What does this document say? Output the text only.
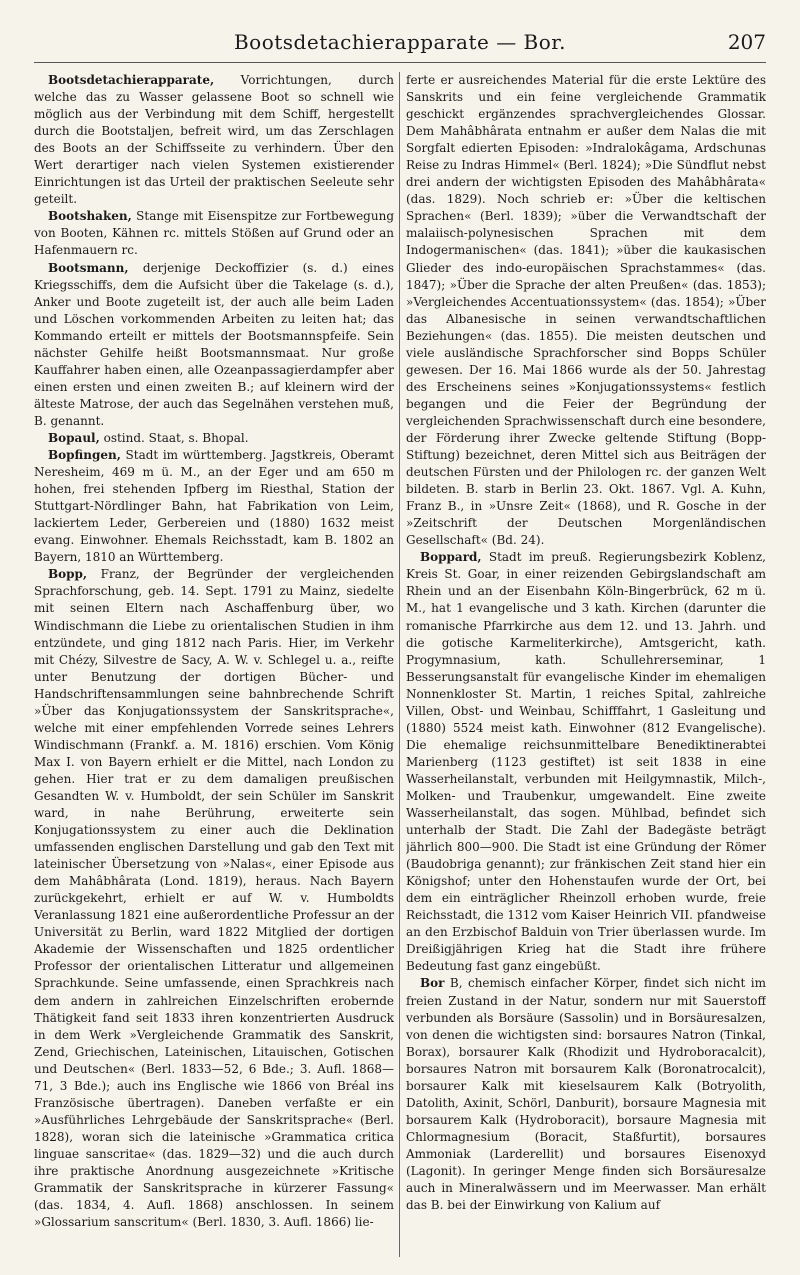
Bootsdetachierapparate — Bor.	207

Bootsdetachierapparate, Vorrichtungen, durch welche das zu Wasser gelassene Boot so schnell wie möglich aus der Verbindung mit dem Schiff, hergestellt durch die Bootstaljen, befreit wird, um das Zerschlagen des Boots an der Schiffsseite zu verhindern. Über den Wert derartiger nach vielen Systemen existierender Einrichtungen ist das Urteil der praktischen Seeleute sehr geteilt.

Bootshaken, Stange mit Eisenspitze zur Fortbewegung von Booten, Kähnen rc. mittels Stößen auf Grund oder an Hafenmauern rc.

Bootsmann, derjenige Deckoffizier (s. d.) eines Kriegsschiffs, dem die Aufsicht über die Takelage (s. d.), Anker und Boote zugeteilt ist, der auch alle beim Laden und Löschen vorkommenden Arbeiten zu leiten hat; das Kommando erteilt er mittels der Bootsmannspfeife. Sein nächster Gehilfe heißt Bootsmannsmaat. Nur große Kauffahrer haben einen, alle Ozeanpassagierdampfer aber einen ersten und einen zweiten B.; auf kleinern wird der älteste Matrose, der auch das Segelnähen verstehen muß, B. genannt.

Bopaul, ostind. Staat, s. Bhopal.

Bopfingen, Stadt im württemberg. Jagstkreis, Oberamt Neresheim, 469 m ü. M., an der Eger und am 650 m hohen, frei stehenden Ipfberg im Riesthal, Station der Stuttgart-Nördlinger Bahn, hat Fabrikation von Leim, lackiertem Leder, Gerbereien und (1880) 1632 meist evang. Einwohner. Ehemals Reichsstadt, kam B. 1802 an Bayern, 1810 an Württemberg.

Bopp, Franz, der Begründer der vergleichenden Sprachforschung, geb. 14. Sept. 1791 zu Mainz, siedelte mit seinen Eltern nach Aschaffenburg über, wo Windischmann die Liebe zu orientalischen Studien in ihm entzündete, und ging 1812 nach Paris. Hier, im Verkehr mit Chézy, Silvestre de Sacy, A. W. v. Schlegel u. a., reifte unter Benutzung der dortigen Bücher- und Handschriftensammlungen seine bahnbrechende Schrift »Über das Konjugationssystem der Sanskritsprache«, welche mit einer empfehlenden Vorrede seines Lehrers Windischmann (Frankf. a. M. 1816) erschien. Vom König Max I. von Bayern erhielt er die Mittel, nach London zu gehen. Hier trat er zu dem damaligen preußischen Gesandten W. v. Humboldt, der sein Schüler im Sanskrit ward, in nahe Berührung, erweiterte sein Konjugationssystem zu einer auch die Deklination umfassenden englischen Darstellung und gab den Text mit lateinischer Übersetzung von »Nalas«, einer Episode aus dem Mahâbhârata (Lond. 1819), heraus. Nach Bayern zurückgekehrt, erhielt er auf W. v. Humboldts Veranlassung 1821 eine außerordentliche Professur an der Universität zu Berlin, ward 1822 Mitglied der dortigen Akademie der Wissenschaften und 1825 ordentlicher Professor der orientalischen Litteratur und allgemeinen Sprachkunde. Seine umfassende, einen Sprachkreis nach dem andern in zahlreichen Einzelschriften erobernde Thätigkeit fand seit 1833 ihren konzentrierten Ausdruck in dem Werk »Vergleichende Grammatik des Sanskrit, Zend, Griechischen, Lateinischen, Litauischen, Gotischen und Deutschen« (Berl. 1833—52, 6 Bde.; 3. Aufl. 1868—71, 3 Bde.); auch ins Englische wie 1866 von Bréal ins Französische übertragen). Daneben verfaßte er ein »Ausführliches Lehrgebäude der Sanskritsprache« (Berl. 1828), woran sich die lateinische »Grammatica critica linguae sanscritae« (das. 1829—32) und die auch durch ihre praktische Anordnung ausgezeichnete »Kritische Grammatik der Sanskritsprache in kürzerer Fassung« (das. 1834, 4. Aufl. 1868) anschlossen. In seinem »Glossarium sanscritum« (Berl. 1830, 3. Aufl. 1866) lie-

ferte er ausreichendes Material für die erste Lektüre des Sanskrits und ein feine vergleichende Grammatik geschickt ergänzendes sprachvergleichendes Glossar. Dem Mahâbhârata entnahm er außer dem Nalas die mit Sorgfalt edierten Episoden: »Indralokâgama, Ardschunas Reise zu Indras Himmel« (Berl. 1824); »Die Sündflut nebst drei andern der wichtigsten Episoden des Mahâbhârata« (das. 1829). Noch schrieb er: »Über die keltischen Sprachen« (Berl. 1839); »über die Verwandtschaft der malaiisch-polynesischen Sprachen mit dem Indogermanischen« (das. 1841); »über die kaukasischen Glieder des indo-europäischen Sprachstammes« (das. 1847); »Über die Sprache der alten Preußen« (das. 1853); »Vergleichendes Accentuationssystem« (das. 1854); »Über das Albanesische in seinen verwandtschaftlichen Beziehungen« (das. 1855). Die meisten deutschen und viele ausländische Sprachforscher sind Bopps Schüler gewesen. Der 16. Mai 1866 wurde als der 50. Jahrestag des Erscheinens seines »Konjugationssystems« festlich begangen und die Feier der Begründung der vergleichenden Sprachwissenschaft durch eine besondere, der Förderung ihrer Zwecke geltende Stiftung (Bopp-Stiftung) bezeichnet, deren Mittel sich aus Beiträgen der deutschen Fürsten und der Philologen rc. der ganzen Welt bildeten. B. starb in Berlin 23. Okt. 1867. Vgl. A. Kuhn, Franz B., in »Unsre Zeit« (1868), und R. Gosche in der »Zeitschrift der Deutschen Morgenländischen Gesellschaft« (Bd. 24).

Boppard, Stadt im preuß. Regierungsbezirk Koblenz, Kreis St. Goar, in einer reizenden Gebirgslandschaft am Rhein und an der Eisenbahn Köln-Bingerbrück, 62 m ü. M., hat 1 evangelische und 3 kath. Kirchen (darunter die romanische Pfarrkirche aus dem 12. und 13. Jahrh. und die gotische Karmeliterkirche), Amtsgericht, kath. Progymnasium, kath. Schullehrerseminar, 1 Besserungsanstalt für evangelische Kinder im ehemaligen Nonnenkloster St. Martin, 1 reiches Spital, zahlreiche Villen, Obst- und Weinbau, Schifffahrt, 1 Gasleitung und (1880) 5524 meist kath. Einwohner (812 Evangelische). Die ehemalige reichsunmittelbare Benediktinerabtei Marienberg (1123 gestiftet) ist seit 1838 in eine Wasserheilanstalt, verbunden mit Heilgymnastik, Milch-, Molken- und Traubenkur, umgewandelt. Eine zweite Wasserheilanstalt, das sogen. Mühlbad, befindet sich unterhalb der Stadt. Die Zahl der Badegäste beträgt jährlich 800—900. Die Stadt ist eine Gründung der Römer (Baudobriga genannt); zur fränkischen Zeit stand hier ein Königshof; unter den Hohenstaufen wurde der Ort, bei dem ein einträglicher Rheinzoll erhoben wurde, freie Reichsstadt, die 1312 vom Kaiser Heinrich VII. pfandweise an den Erzbischof Balduin von Trier überlassen wurde. Im Dreißigjährigen Krieg hat die Stadt ihre frühere Bedeutung fast ganz eingebüßt.

Bor B, chemisch einfacher Körper, findet sich nicht im freien Zustand in der Natur, sondern nur mit Sauerstoff verbunden als Borsäure (Sassolin) und in Borsäuresalzen, von denen die wichtigsten sind: borsaures Natron (Tinkal, Borax), borsaurer Kalk (Rhodizit und Hydroboracalcit), borsaures Natron mit borsaurem Kalk (Boronatrocalcit), borsaurer Kalk mit kieselsaurem Kalk (Botryolith, Datolith, Axinit, Schörl, Danburit), borsaure Magnesia mit borsaurem Kalk (Hydroboracit), borsaure Magnesia mit Chlormagnesium (Boracit, Staßfurtit), borsaures Ammoniak (Larderellit) und borsaures Eisenoxyd (Lagonit). In geringer Menge finden sich Borsäuresalze auch in Mineralwässern und im Meerwasser. Man erhält das B. bei der Einwirkung von Kalium auf
